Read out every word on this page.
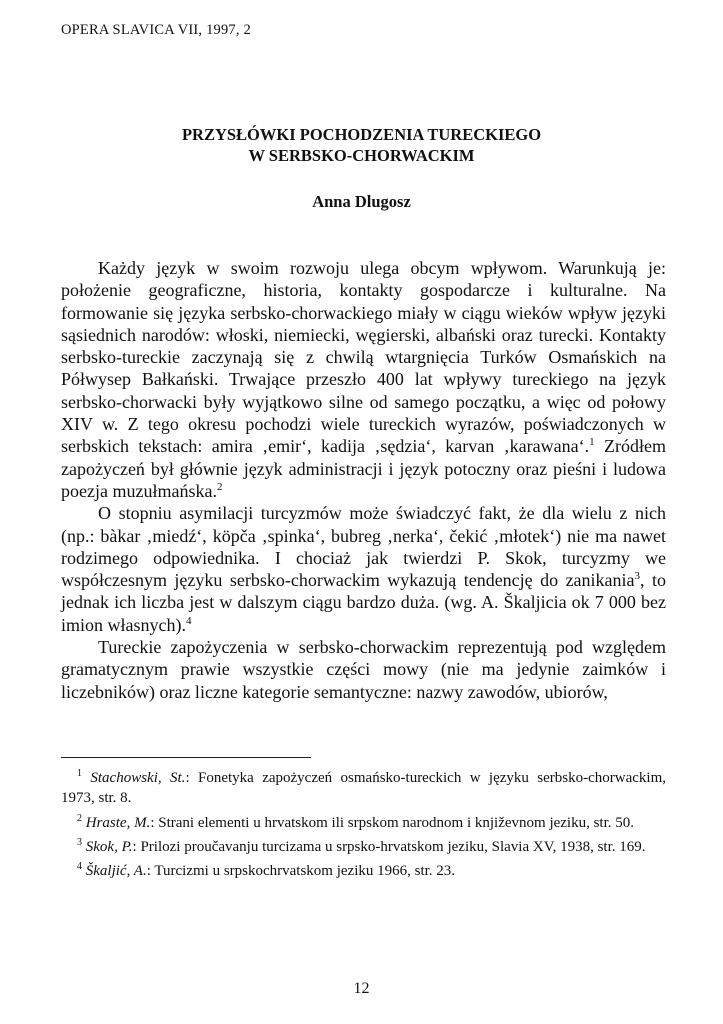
OPERA SLAVICA VII, 1997, 2
PRZYSŁÓWKI POCHODZENIA TURECKIEGO
W SERBSKO-CHORWACKIM
Anna Dlugosz

Każdy język w swoim rozwoju ulega obcym wpływom. Warunkują je: położenie geograficzne, historia, kontakty gospodarcze i kulturalne. Na formowanie się języka serbsko-chorwackiego miały w ciągu wieków wpływ języki sąsiednich narodów: włoski, niemiecki, węgierski, albański oraz turecki. Kontakty serbsko-tureckie zaczynają się z chwilą wtargnięcia Turków Osmańskich na Półwysep Bałkański. Trwające przeszło 400 lat wpływy tureckiego na język serbsko-chorwacki były wyjątkowo silne od samego początku, a więc od połowy XIV w. Z tego okresu pochodzi wiele tureckich wyrazów, poświadczonych w serbskich tekstach: amira ‚emir‘, kadija ‚sędzia‘, karvan ‚karawana‘.$^1$ Zródłem zapożyczeń był głównie język administracji i język potoczny oraz pieśni i ludowa poezja muzułmańska.$^2$

O stopniu asymilacji turcyzmów może świadczyć fakt, że dla wielu z nich (np.: bàkar ‚miedź‘, köpča ‚spinka‘, bubreg ‚nerka‘, čekić ‚młotek‘) nie ma nawet rodzimego odpowiednika. I chociaż jak twierdzi P. Skok, turcyzmy we współczesnym języku serbsko-chorwackim wykazują tendencję do zanikania$^3$, to jednak ich liczba jest w dalszym ciągu bardzo duża. (wg. A. Škaljicia ok 7 000 bez imion własnych).$^4$

Tureckie zapożyczenia w serbsko-chorwackim reprezentują pod względem gramatycznym prawie wszystkie części mowy (nie ma jedynie zaimków i liczebników) oraz liczne kategorie semantyczne: nazwy zawodów, ubiorów,

$^1$ Stachowski, St.: Fonetyka zapożyczeń osmańsko-tureckich w języku serbsko-chorwackim, 1973, str. 8.

$^2$ Hraste, M.: Strani elementi u hrvatskom ili srpskom narodnom i književnom jeziku, str. 50.

$^3$ Skok, P.: Prilozi proučavanju turcizama u srpsko-hrvatskom jeziku, Slavia XV, 1938, str. 169.

$^4$ Škaljić, A.: Turcizmi u srpskochrvatskom jeziku 1966, str. 23.

12
